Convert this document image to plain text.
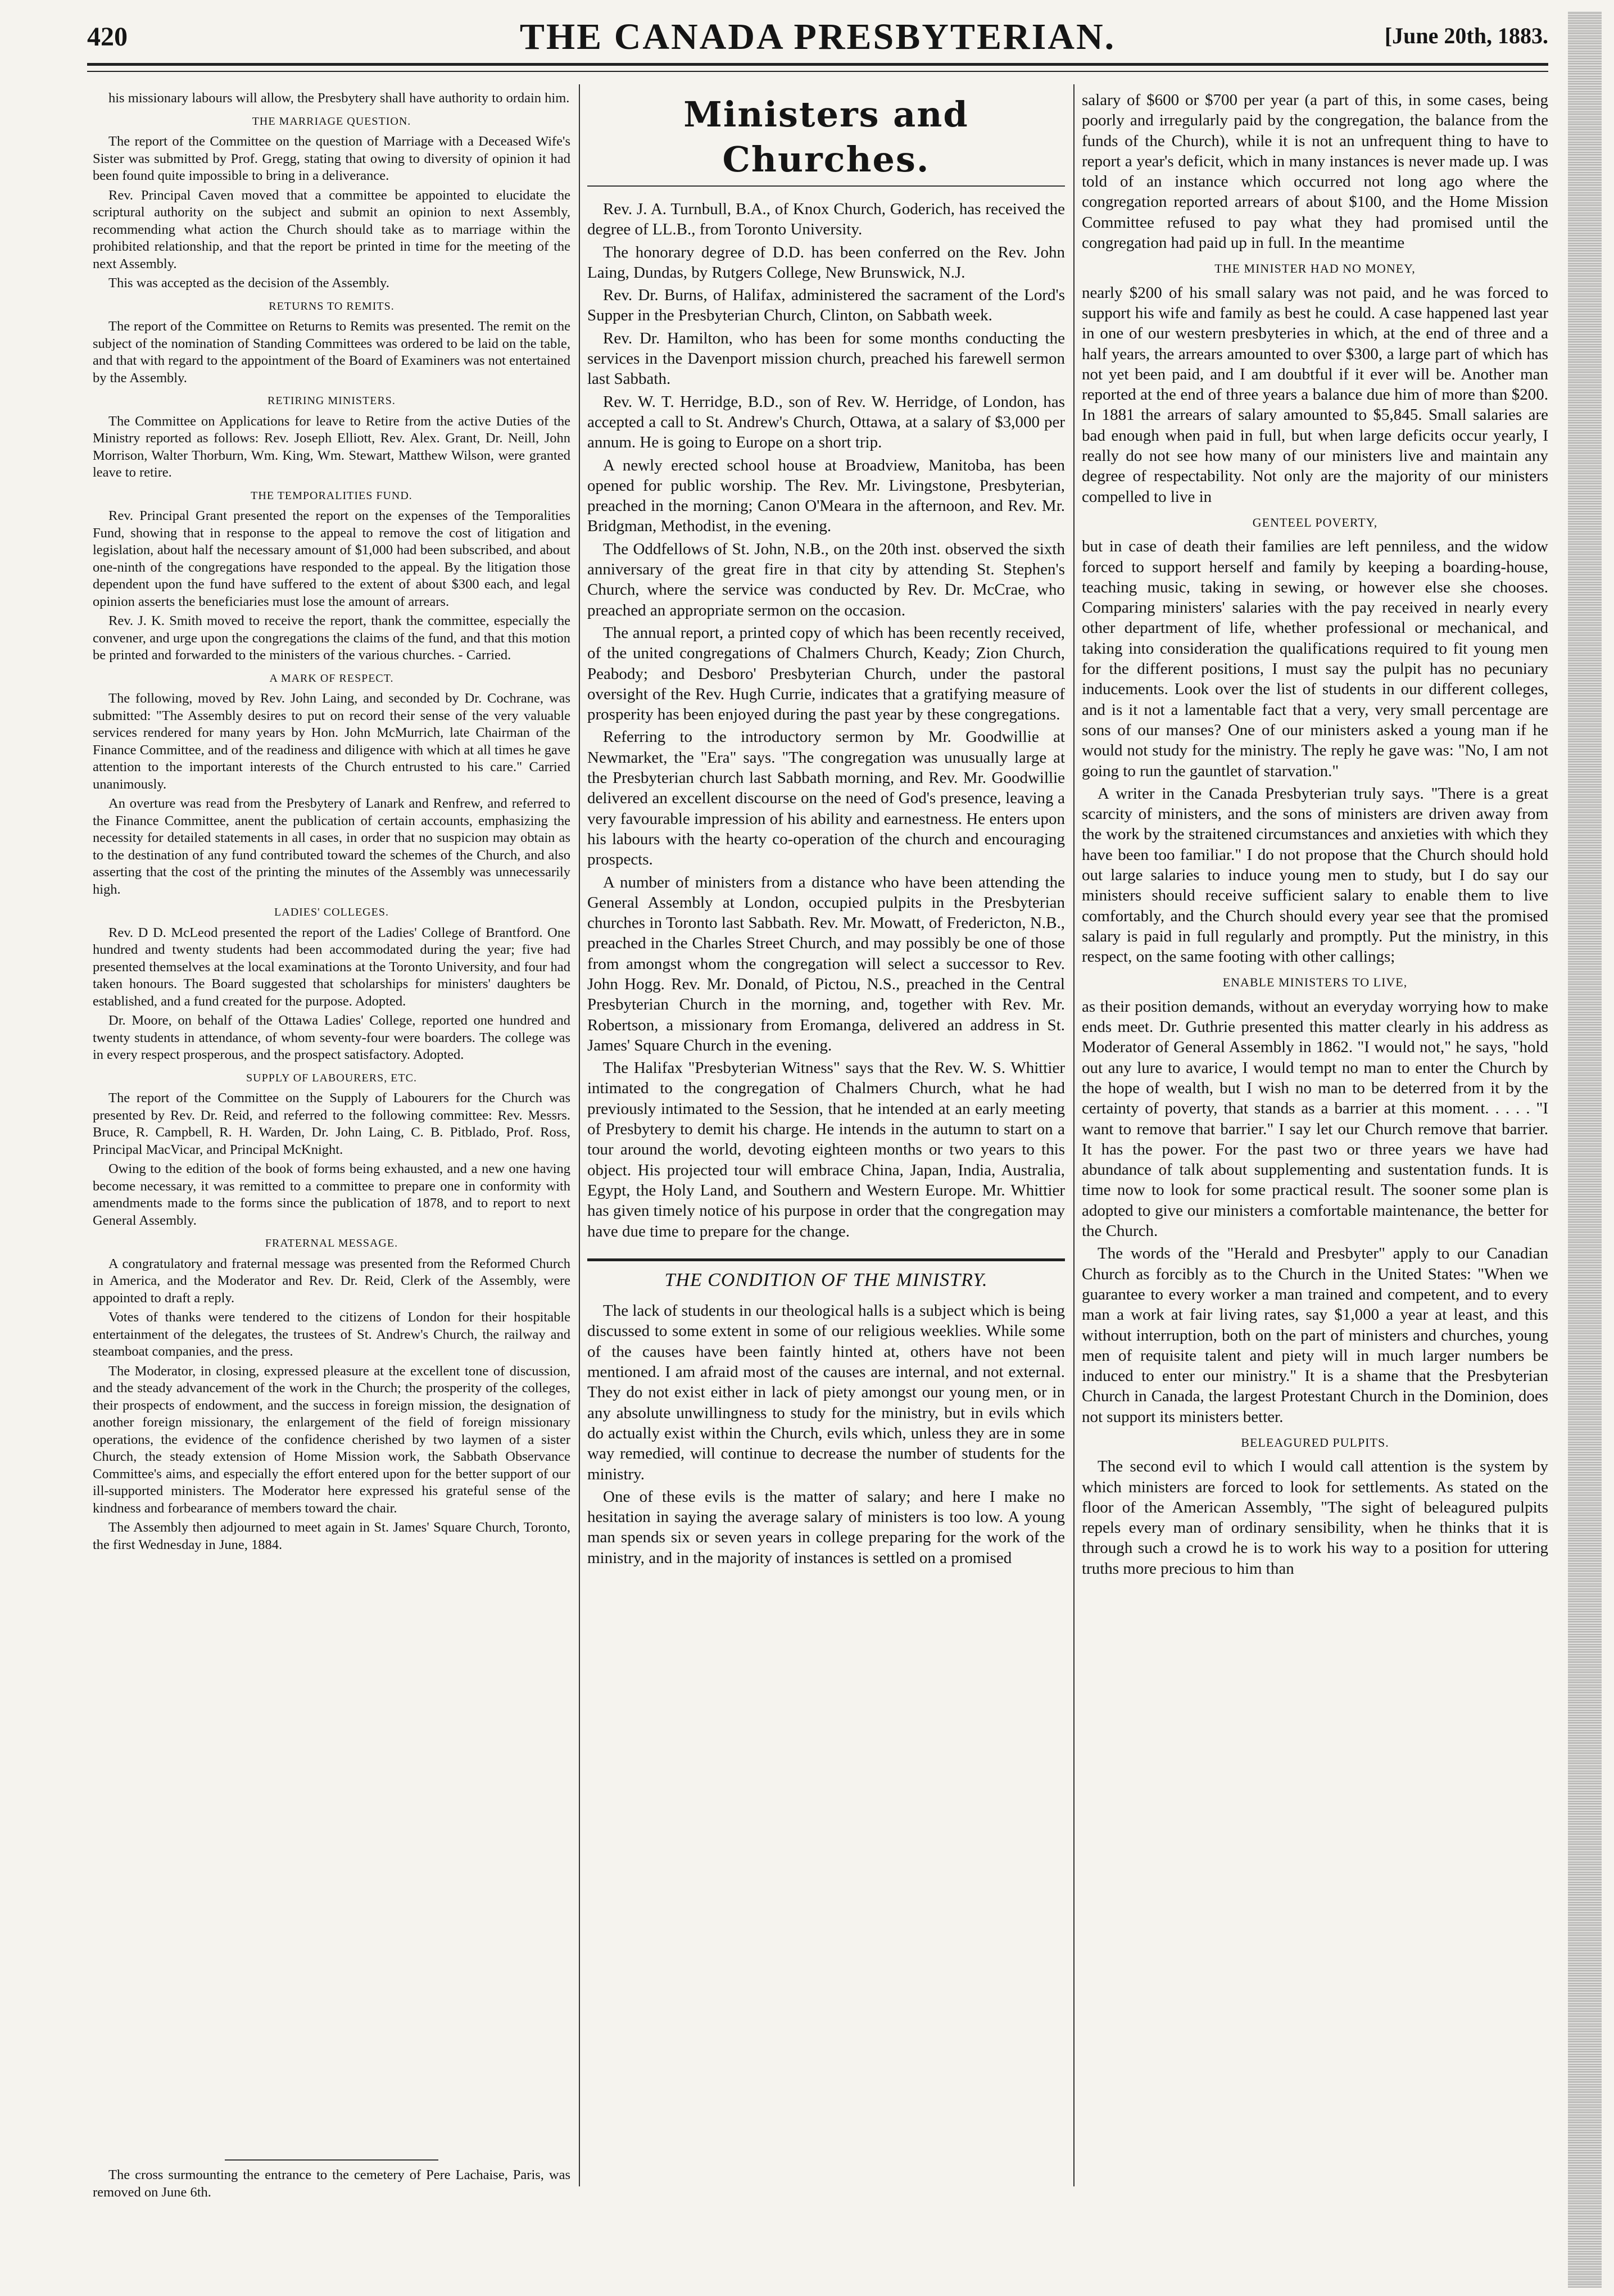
420	THE CANADA PRESBYTERIAN.	[June 20th, 1883.

his missionary labours will allow, the Presbytery shall have authority to ordain him.

THE MARRIAGE QUESTION.

The report of the Committee on the question of Marriage with a Deceased Wife's Sister was submitted by Prof. Gregg, stating that owing to diversity of opinion it had been found quite impossible to bring in a deliverance.

Rev. Principal Caven moved that a committee be appointed to elucidate the scriptural authority on the subject and submit an opinion to next Assembly, recommending what action the Church should take as to marriage within the prohibited relationship, and that the report be printed in time for the meeting of the next Assembly.

This was accepted as the decision of the Assembly.

RETURNS TO REMITS.

The report of the Committee on Returns to Remits was presented. The remit on the subject of the nomination of Standing Committees was ordered to be laid on the table, and that with regard to the appointment of the Board of Examiners was not entertained by the Assembly.

RETIRING MINISTERS.

The Committee on Applications for leave to Retire from the active Duties of the Ministry reported as follows: Rev. Joseph Elliott, Rev. Alex. Grant, Dr. Neill, John Morrison, Walter Thorburn, Wm. King, Wm. Stewart, Matthew Wilson, were granted leave to retire.

THE TEMPORALITIES FUND.

Rev. Principal Grant presented the report on the expenses of the Temporalities Fund, showing that in response to the appeal to remove the cost of litigation and legislation, about half the necessary amount of $1,000 had been subscribed, and about one-ninth of the congregations have responded to the appeal. By the litigation those dependent upon the fund have suffered to the extent of about $300 each, and legal opinion asserts the beneficiaries must lose the amount of arrears.

Rev. J. K. Smith moved to receive the report, thank the committee, especially the convener, and urge upon the congregations the claims of the fund, and that this motion be printed and forwarded to the ministers of the various churches. - Carried.

A MARK OF RESPECT.

The following, moved by Rev. John Laing, and seconded by Dr. Cochrane, was submitted: "The Assembly desires to put on record their sense of the very valuable services rendered for many years by Hon. John McMurrich, late Chairman of the Finance Committee, and of the readiness and diligence with which at all times he gave attention to the important interests of the Church entrusted to his care." Carried unanimously.

An overture was read from the Presbytery of Lanark and Renfrew, and referred to the Finance Committee, anent the publication of certain accounts, emphasizing the necessity for detailed statements in all cases, in order that no suspicion may obtain as to the destination of any fund contributed toward the schemes of the Church, and also asserting that the cost of the printing the minutes of the Assembly was unnecessarily high.

LADIES' COLLEGES.

Rev. D D. McLeod presented the report of the Ladies' College of Brantford. One hundred and twenty students had been accommodated during the year; five had presented themselves at the local examinations at the Toronto University, and four had taken honours. The Board suggested that scholarships for ministers' daughters be established, and a fund created for the purpose. Adopted.

Dr. Moore, on behalf of the Ottawa Ladies' College, reported one hundred and twenty students in attendance, of whom seventy-four were boarders. The college was in every respect prosperous, and the prospect satisfactory. Adopted.

SUPPLY OF LABOURERS, ETC.

The report of the Committee on the Supply of Labourers for the Church was presented by Rev. Dr. Reid, and referred to the following committee: Rev. Messrs. Bruce, R. Campbell, R. H. Warden, Dr. John Laing, C. B. Pitblado, Prof. Ross, Principal MacVicar, and Principal McKnight.

Owing to the edition of the book of forms being exhausted, and a new one having become necessary, it was remitted to a committee to prepare one in conformity with amendments made to the forms since the publication of 1878, and to report to next General Assembly.

FRATERNAL MESSAGE.

A congratulatory and fraternal message was presented from the Reformed Church in America, and the Moderator and Rev. Dr. Reid, Clerk of the Assembly, were appointed to draft a reply.

Votes of thanks were tendered to the citizens of London for their hospitable entertainment of the delegates, the trustees of St. Andrew's Church, the railway and steamboat companies, and the press.

The Moderator, in closing, expressed pleasure at the excellent tone of discussion, and the steady advancement of the work in the Church; the prosperity of the colleges, their prospects of endowment, and the success in foreign mission, the designation of another foreign missionary, the enlargement of the field of foreign missionary operations, the evidence of the confidence cherished by two laymen of a sister Church, the steady extension of Home Mission work, the Sabbath Observance Committee's aims, and especially the effort entered upon for the better support of our ill-supported ministers. The Moderator here expressed his grateful sense of the kindness and forbearance of members toward the chair.

The Assembly then adjourned to meet again in St. James' Square Church, Toronto, the first Wednesday in June, 1884.

The cross surmounting the entrance to the cemetery of Pere Lachaise, Paris, was removed on June 6th.

Ministers and Churches.

Rev. J. A. Turnbull, B.A., of Knox Church, Goderich, has received the degree of LL.B., from Toronto University.

The honorary degree of D.D. has been conferred on the Rev. John Laing, Dundas, by Rutgers College, New Brunswick, N.J.

Rev. Dr. Burns, of Halifax, administered the sacrament of the Lord's Supper in the Presbyterian Church, Clinton, on Sabbath week.

Rev. Dr. Hamilton, who has been for some months conducting the services in the Davenport mission church, preached his farewell sermon last Sabbath.

Rev. W. T. Herridge, B.D., son of Rev. W. Herridge, of London, has accepted a call to St. Andrew's Church, Ottawa, at a salary of $3,000 per annum. He is going to Europe on a short trip.

A newly erected school house at Broadview, Manitoba, has been opened for public worship. The Rev. Mr. Livingstone, Presbyterian, preached in the morning; Canon O'Meara in the afternoon, and Rev. Mr. Bridgman, Methodist, in the evening.

The Oddfellows of St. John, N.B., on the 20th inst. observed the sixth anniversary of the great fire in that city by attending St. Stephen's Church, where the service was conducted by Rev. Dr. McCrae, who preached an appropriate sermon on the occasion.

The annual report, a printed copy of which has been recently received, of the united congregations of Chalmers Church, Keady; Zion Church, Peabody; and Desboro' Presbyterian Church, under the pastoral oversight of the Rev. Hugh Currie, indicates that a gratifying measure of prosperity has been enjoyed during the past year by these congregations.

Referring to the introductory sermon by Mr. Goodwillie at Newmarket, the "Era" says. "The congregation was unusually large at the Presbyterian church last Sabbath morning, and Rev. Mr. Goodwillie delivered an excellent discourse on the need of God's presence, leaving a very favourable impression of his ability and earnestness. He enters upon his labours with the hearty co-operation of the church and encouraging prospects.

A number of ministers from a distance who have been attending the General Assembly at London, occupied pulpits in the Presbyterian churches in Toronto last Sabbath. Rev. Mr. Mowatt, of Fredericton, N.B., preached in the Charles Street Church, and may possibly be one of those from amongst whom the congregation will select a successor to Rev. John Hogg. Rev. Mr. Donald, of Pictou, N.S., preached in the Central Presbyterian Church in the morning, and, together with Rev. Mr. Robertson, a missionary from Eromanga, delivered an address in St. James' Square Church in the evening.

The Halifax "Presbyterian Witness" says that the Rev. W. S. Whittier intimated to the congregation of Chalmers Church, what he had previously intimated to the Session, that he intended at an early meeting of Presbytery to demit his charge. He intends in the autumn to start on a tour around the world, devoting eighteen months or two years to this object. His projected tour will embrace China, Japan, India, Australia, Egypt, the Holy Land, and Southern and Western Europe. Mr. Whittier has given timely notice of his purpose in order that the congregation may have due time to prepare for the change.

THE CONDITION OF THE MINISTRY.

The lack of students in our theological halls is a subject which is being discussed to some extent in some of our religious weeklies. While some of the causes have been faintly hinted at, others have not been mentioned. I am afraid most of the causes are internal, and not external. They do not exist either in lack of piety amongst our young men, or in any absolute unwillingness to study for the ministry, but in evils which do actually exist within the Church, evils which, unless they are in some way remedied, will continue to decrease the number of students for the ministry.

One of these evils is the matter of salary; and here I make no hesitation in saying the average salary of ministers is too low. A young man spends six or seven years in college preparing for the work of the ministry, and in the majority of instances is settled on a promised

salary of $600 or $700 per year (a part of this, in some cases, being poorly and irregularly paid by the congregation, the balance from the funds of the Church), while it is not an unfrequent thing to have to report a year's deficit, which in many instances is never made up. I was told of an instance which occurred not long ago where the congregation reported arrears of about $100, and the Home Mission Committee refused to pay what they had promised until the congregation had paid up in full. In the meantime

THE MINISTER HAD NO MONEY,

nearly $200 of his small salary was not paid, and he was forced to support his wife and family as best he could. A case happened last year in one of our western presbyteries in which, at the end of three and a half years, the arrears amounted to over $300, a large part of which has not yet been paid, and I am doubtful if it ever will be. Another man reported at the end of three years a balance due him of more than $200. In 1881 the arrears of salary amounted to $5,845. Small salaries are bad enough when paid in full, but when large deficits occur yearly, I really do not see how many of our ministers live and maintain any degree of respectability. Not only are the majority of our ministers compelled to live in

GENTEEL POVERTY,

but in case of death their families are left penniless, and the widow forced to support herself and family by keeping a boarding-house, teaching music, taking in sewing, or however else she chooses. Comparing ministers' salaries with the pay received in nearly every other department of life, whether professional or mechanical, and taking into consideration the qualifications required to fit young men for the different positions, I must say the pulpit has no pecuniary inducements. Look over the list of students in our different colleges, and is it not a lamentable fact that a very, very small percentage are sons of our manses? One of our ministers asked a young man if he would not study for the ministry. The reply he gave was: "No, I am not going to run the gauntlet of starvation."

A writer in the Canada Presbyterian truly says. "There is a great scarcity of ministers, and the sons of ministers are driven away from the work by the straitened circumstances and anxieties with which they have been too familiar." I do not propose that the Church should hold out large salaries to induce young men to study, but I do say our ministers should receive sufficient salary to enable them to live comfortably, and the Church should every year see that the promised salary is paid in full regularly and promptly. Put the ministry, in this respect, on the same footing with other callings;

ENABLE MINISTERS TO LIVE,

as their position demands, without an everyday worrying how to make ends meet. Dr. Guthrie presented this matter clearly in his address as Moderator of General Assembly in 1862. "I would not," he says, "hold out any lure to avarice, I would tempt no man to enter the Church by the hope of wealth, but I wish no man to be deterred from it by the certainty of poverty, that stands as a barrier at this moment. . . . . "I want to remove that barrier." I say let our Church remove that barrier. It has the power. For the past two or three years we have had abundance of talk about supplementing and sustentation funds. It is time now to look for some practical result. The sooner some plan is adopted to give our ministers a comfortable maintenance, the better for the Church.

The words of the "Herald and Presbyter" apply to our Canadian Church as forcibly as to the Church in the United States: "When we guarantee to every worker a man trained and competent, and to every man a work at fair living rates, say $1,000 a year at least, and this without interruption, both on the part of ministers and churches, young men of requisite talent and piety will in much larger numbers be induced to enter our ministry." It is a shame that the Presbyterian Church in Canada, the largest Protestant Church in the Dominion, does not support its ministers better.

BELEAGURED PULPITS.

The second evil to which I would call attention is the system by which ministers are forced to look for settlements. As stated on the floor of the American Assembly, "The sight of beleagured pulpits repels every man of ordinary sensibility, when he thinks that it is through such a crowd he is to work his way to a position for uttering truths more precious to him than
